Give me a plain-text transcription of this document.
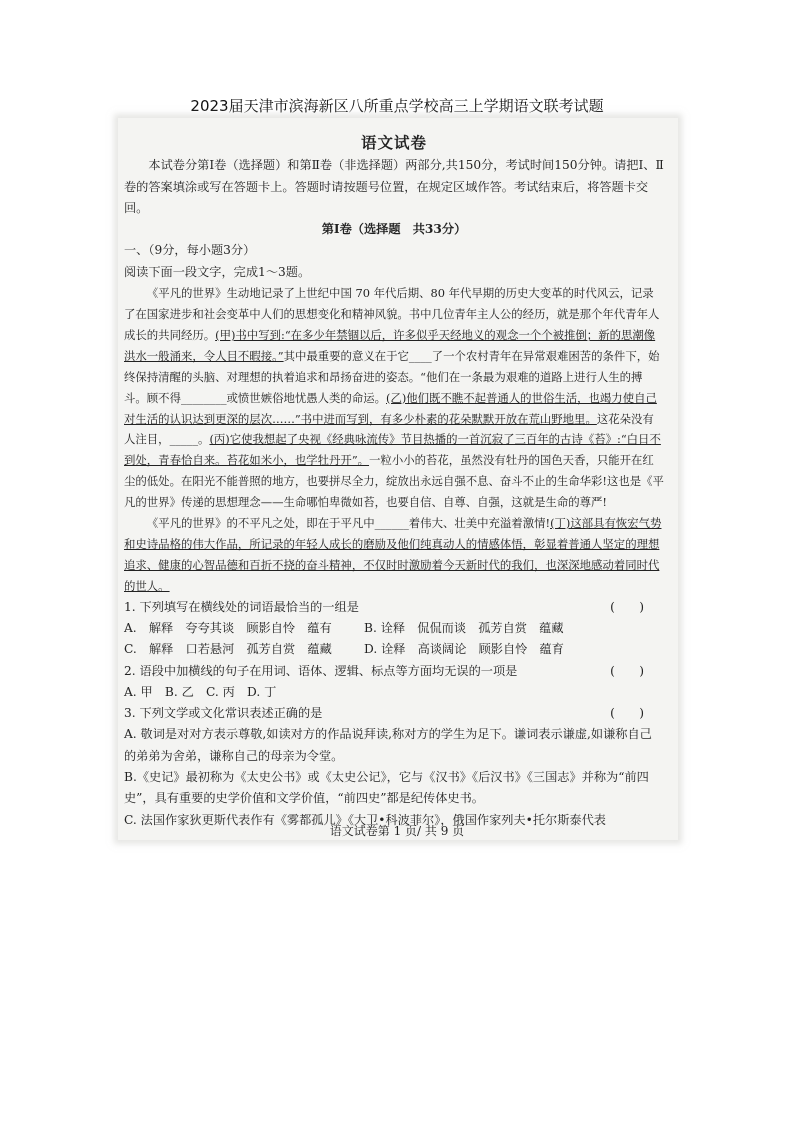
2023届天津市滨海新区八所重点学校高三上学期语文联考试题

语文试卷

本试卷分第Ⅰ卷（选择题）和第Ⅱ卷（非选择题）两部分,共150分，考试时间150分钟。请把Ⅰ、Ⅱ卷的答案填涂或写在答题卡上。答题时请按题号位置，在规定区域作答。考试结束后，将答题卡交回。

第Ⅰ卷（选择题　共33分）

一、（9分，每小题3分）

阅读下面一段文字，完成1～3题。

《平凡的世界》生动地记录了上世纪中国 70 年代后期、80 年代早期的历史大变革的时代风云，记录了在国家进步和社会变革中人们的思想变化和精神风貌。书中几位青年主人公的经历，就是那个年代青年人成长的共同经历。(甲)书中写到:“在多少年禁锢以后，许多似乎天经地义的观念一个个被推倒；新的思潮像洪水一般涌来，令人目不暇接。”其中最重要的意义在于它____了一个农村青年在异常艰难困苦的条件下，始终保持清醒的头脑、对理想的执着追求和昂扬奋进的姿态。“他们在一条最为艰难的道路上进行人生的搏斗。顾不得________或愤世嫉俗地忧愚人类的命运。(乙)他们既不瞧不起普通人的世俗生活，也竭力使自己对生活的认识达到更深的层次……”书中进而写到，有多少朴素的花朵默默开放在荒山野地里。这花朵没有人注目，_____。(丙)它使我想起了央视《经典咏流传》节目热播的一首沉寂了三百年的古诗《苔》:“白日不到处，青春恰自来。苔花如米小，也学牡丹开”。一粒小小的苔花，虽然没有牡丹的国色天香，只能开在红尘的低处。在阳光不能普照的地方，也要拼尽全力，绽放出永远自强不息、奋斗不止的生命华彩!这也是《平凡的世界》传递的思想理念——生命哪怕卑微如苔，也要自信、自尊、自强，这就是生命的尊严!

《平凡的世界》的不平凡之处，即在于平凡中______着伟大、壮美中充溢着激情!(丁)这部具有恢宏气势和史诗品格的伟大作品，所记录的年轻人成长的磨励及他们纯真动人的情感体悟，彰显着普通人坚定的理想追求、健康的心智品德和百折不挠的奋斗精神，不仅时时激励着今天新时代的我们，也深深地感动着同时代的世人。

1. 下列填写在横线处的词语最恰当的一组是	(　　)

A.　解释　夸夸其谈　顾影自怜　蕴有	B. 诠释　侃侃而谈　孤芳自赏　蕴藏

C.　解释　口若悬河　孤芳自赏　蕴藏	D. 诠释　高谈阔论　顾影自怜　蕴育

2. 语段中加横线的句子在用词、语体、逻辑、标点等方面均无误的一项是	(　　)

A. 甲　B. 乙　C. 丙　D. 丁

3. 下列文学或文化常识表述正确的是	(　　)

A. 敬词是对对方表示尊敬,如读对方的作品说拜读,称对方的学生为足下。谦词表示谦虚,如谦称自己的弟弟为舍弟，谦称自己的母亲为令堂。

B.《史记》最初称为《太史公书》或《太史公记》，它与《汉书》《后汉书》《三国志》并称为“前四史”，具有重要的史学价值和文学价值，“前四史”都是纪传体史书。

C. 法国作家狄更斯代表作有《雾都孤儿》《大卫•科波菲尔》，俄国作家列夫•托尔斯泰代表

语文试卷第 1 页/ 共 9 页
